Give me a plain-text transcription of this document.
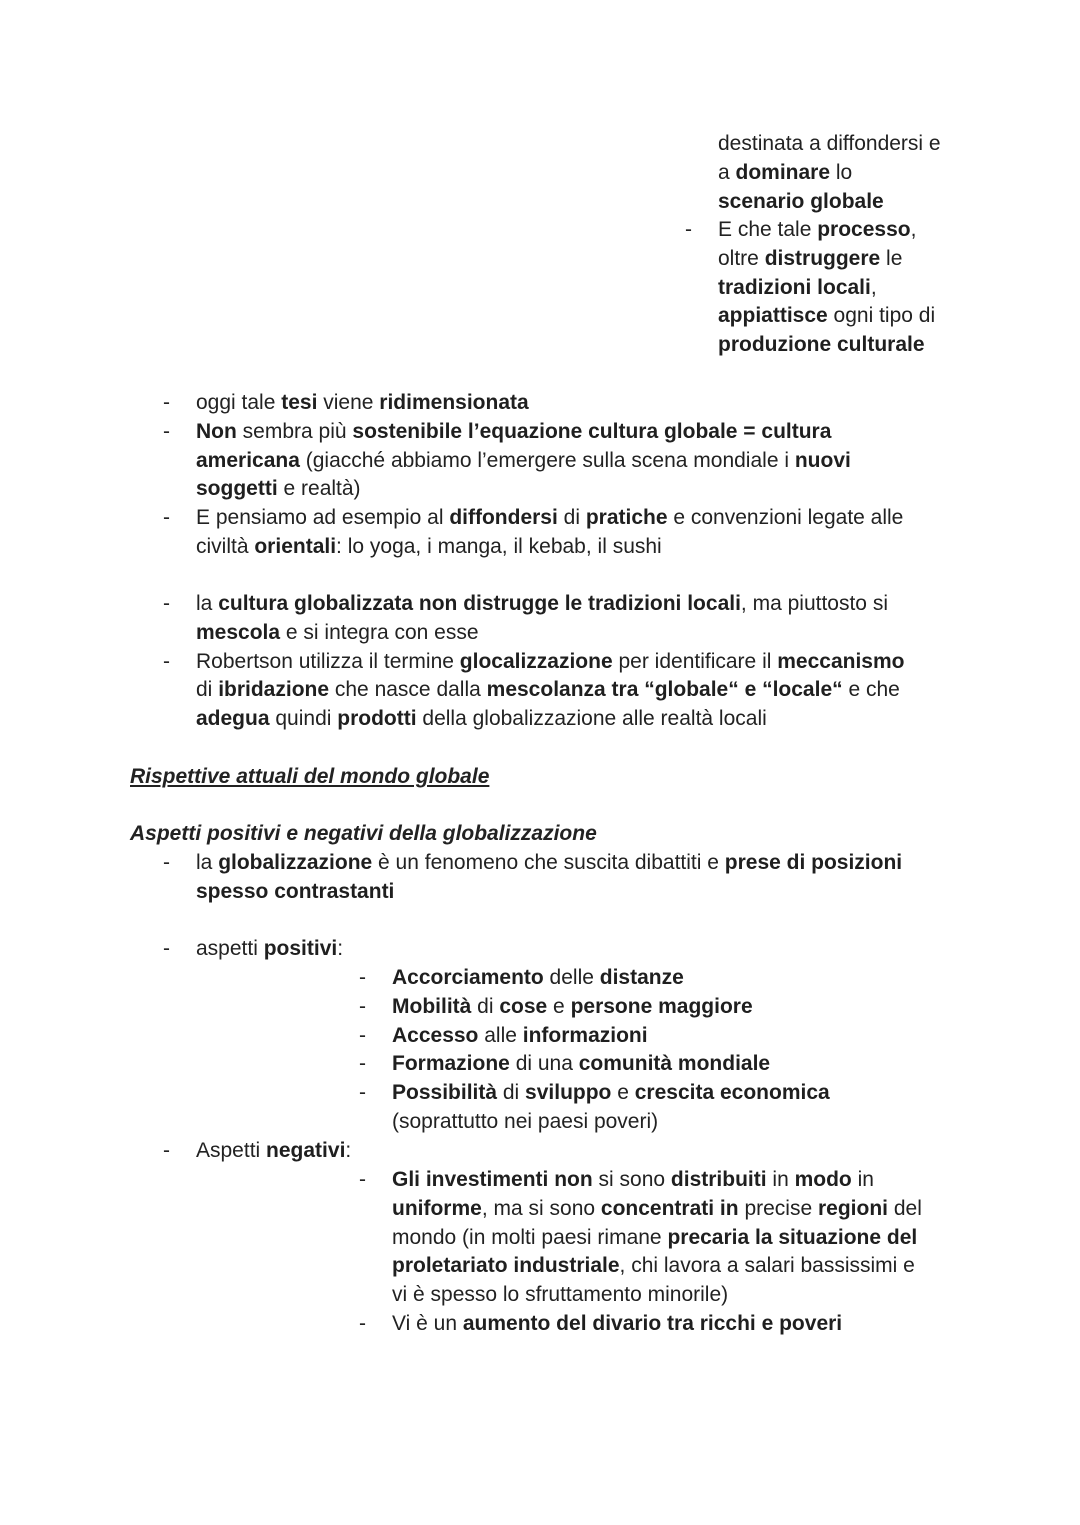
destinata a diffondersi e

a dominare lo

scenario globale

E che tale processo,

oltre distruggere le

tradizioni locali,

appiattisce ogni tipo di

produzione culturale

-
- oggi tale tesi viene ridimensionata

- Non sembra più sostenibile l’equazione cultura globale = cultura

americana (giacché abbiamo l’emergere sulla scena mondiale i nuovi

soggetti e realtà)

- E pensiamo ad esempio al diffondersi di pratiche e convenzioni legate alle

civiltà orientali: lo yoga, i manga, il kebab, il sushi

- la cultura globalizzata non distrugge le tradizioni locali, ma piuttosto si

mescola e si integra con esse

- Robertson utilizza il termine glocalizzazione per identificare il meccanismo

di ibridazione che nasce dalla mescolanza tra “globale“ e “locale“ e che

adegua quindi prodotti della globalizzazione alle realtà locali

Rispettive attuali del mondo globale

Aspetti positivi e negativi della globalizzazione

- la globalizzazione è un fenomeno che suscita dibattiti e prese di posizioni

spesso contrastanti

aspetti positivi:

-
- Accorciamento delle distanze

- Mobilità di cose e persone maggiore

- Accesso alle informazioni

- Formazione di una comunità mondiale

- Possibilità di sviluppo e crescita economica

(soprattutto nei paesi poveri)

Aspetti negativi:

-
- Gli investimenti non si sono distribuiti in modo in

uniforme, ma si sono concentrati in precise regioni del

mondo (in molti paesi rimane precaria la situazione del

proletariato industriale, chi lavora a salari bassissimi e

vi è spesso lo sfruttamento minorile)

- Vi è un aumento del divario tra ricchi e poveri
